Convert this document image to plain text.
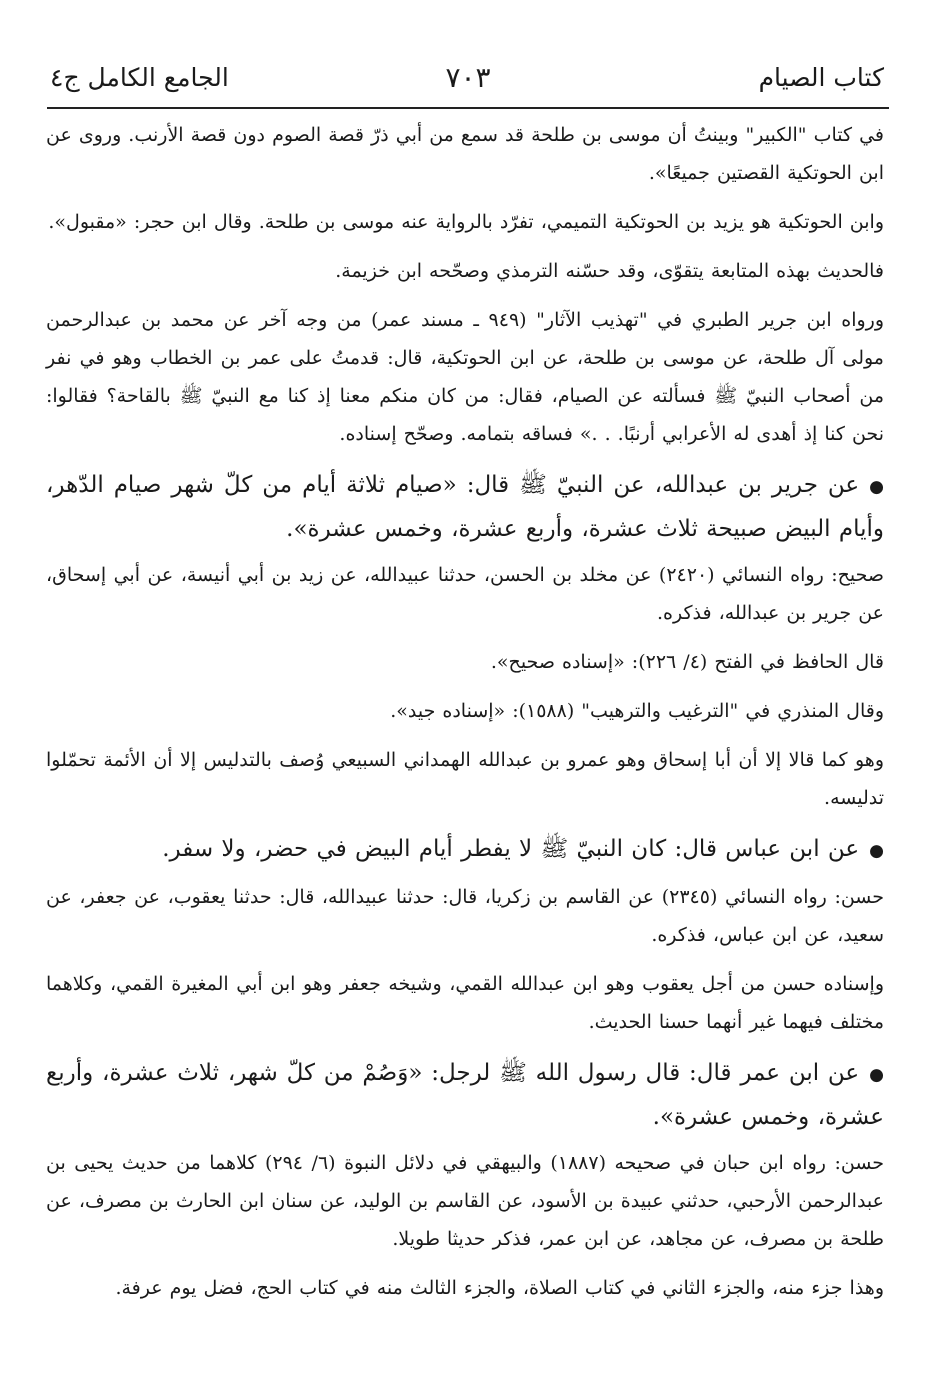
كتاب الصيام
٧٠٣
الجامع الكامل ج٤

في كتاب "الكبير" وبينتُ أن موسى بن طلحة قد سمع من أبي ذرّ قصة الصوم دون قصة الأرنب. وروى عن ابن الحوتكية القصتين جميعًا».

وابن الحوتكية هو يزيد بن الحوتكية التميمي، تفرّد بالرواية عنه موسى بن طلحة. وقال ابن حجر: «مقبول».

فالحديث بهذه المتابعة يتقوّى، وقد حسّنه الترمذي وصحّحه ابن خزيمة.

ورواه ابن جرير الطبري في "تهذيب الآثار" (٩٤٩ ـ مسند عمر) من وجه آخر عن محمد بن عبدالرحمن مولى آل طلحة، عن موسى بن طلحة، عن ابن الحوتكية، قال: قدمتُ على عمر بن الخطاب وهو في نفر من أصحاب النبيّ ﷺ فسألته عن الصيام، فقال: من كان منكم معنا إذ كنا مع النبيّ ﷺ بالقاحة؟ فقالوا: نحن كنا إذ أهدى له الأعرابي أرنبًا. . .» فساقه بتمامه. وصحّح إسناده.

●عن جرير بن عبدالله، عن النبيّ ﷺ قال: «صيام ثلاثة أيام من كلّ شهر صيام الدّهر، وأيام البيض صبيحة ثلاث عشرة، وأربع عشرة، وخمس عشرة».

صحيح: رواه النسائي (٢٤٢٠) عن مخلد بن الحسن، حدثنا عبيدالله، عن زيد بن أبي أنيسة، عن أبي إسحاق، عن جرير بن عبدالله، فذكره.

قال الحافظ في الفتح (٤/ ٢٢٦): «إسناده صحيح».

وقال المنذري في "الترغيب والترهيب" (١٥٨٨): «إسناده جيد».

وهو كما قالا إلا أن أبا إسحاق وهو عمرو بن عبدالله الهمداني السبيعي وُصف بالتدليس إلا أن الأئمة تحمّلوا تدليسه.

●عن ابن عباس قال: كان النبيّ ﷺ لا يفطر أيام البيض في حضر، ولا سفر.

حسن: رواه النسائي (٢٣٤٥) عن القاسم بن زكريا، قال: حدثنا عبيدالله، قال: حدثنا يعقوب، عن جعفر، عن سعيد، عن ابن عباس، فذكره.

وإسناده حسن من أجل يعقوب وهو ابن عبدالله القمي، وشيخه جعفر وهو ابن أبي المغيرة القمي، وكلاهما مختلف فيهما غير أنهما حسنا الحديث.

●عن ابن عمر قال: قال رسول الله ﷺ لرجل: «وَصُمْ من كلّ شهر، ثلاث عشرة، وأربع عشرة، وخمس عشرة».

حسن: رواه ابن حبان في صحيحه (١٨٨٧) والبيهقي في دلائل النبوة (٦/ ٢٩٤) كلاهما من حديث يحيى بن عبدالرحمن الأرحبي، حدثني عبيدة بن الأسود، عن القاسم بن الوليد، عن سنان ابن الحارث بن مصرف، عن طلحة بن مصرف، عن مجاهد، عن ابن عمر، فذكر حديثا طويلا.

وهذا جزء منه، والجزء الثاني في كتاب الصلاة، والجزء الثالث منه في كتاب الحج، فضل يوم عرفة.
